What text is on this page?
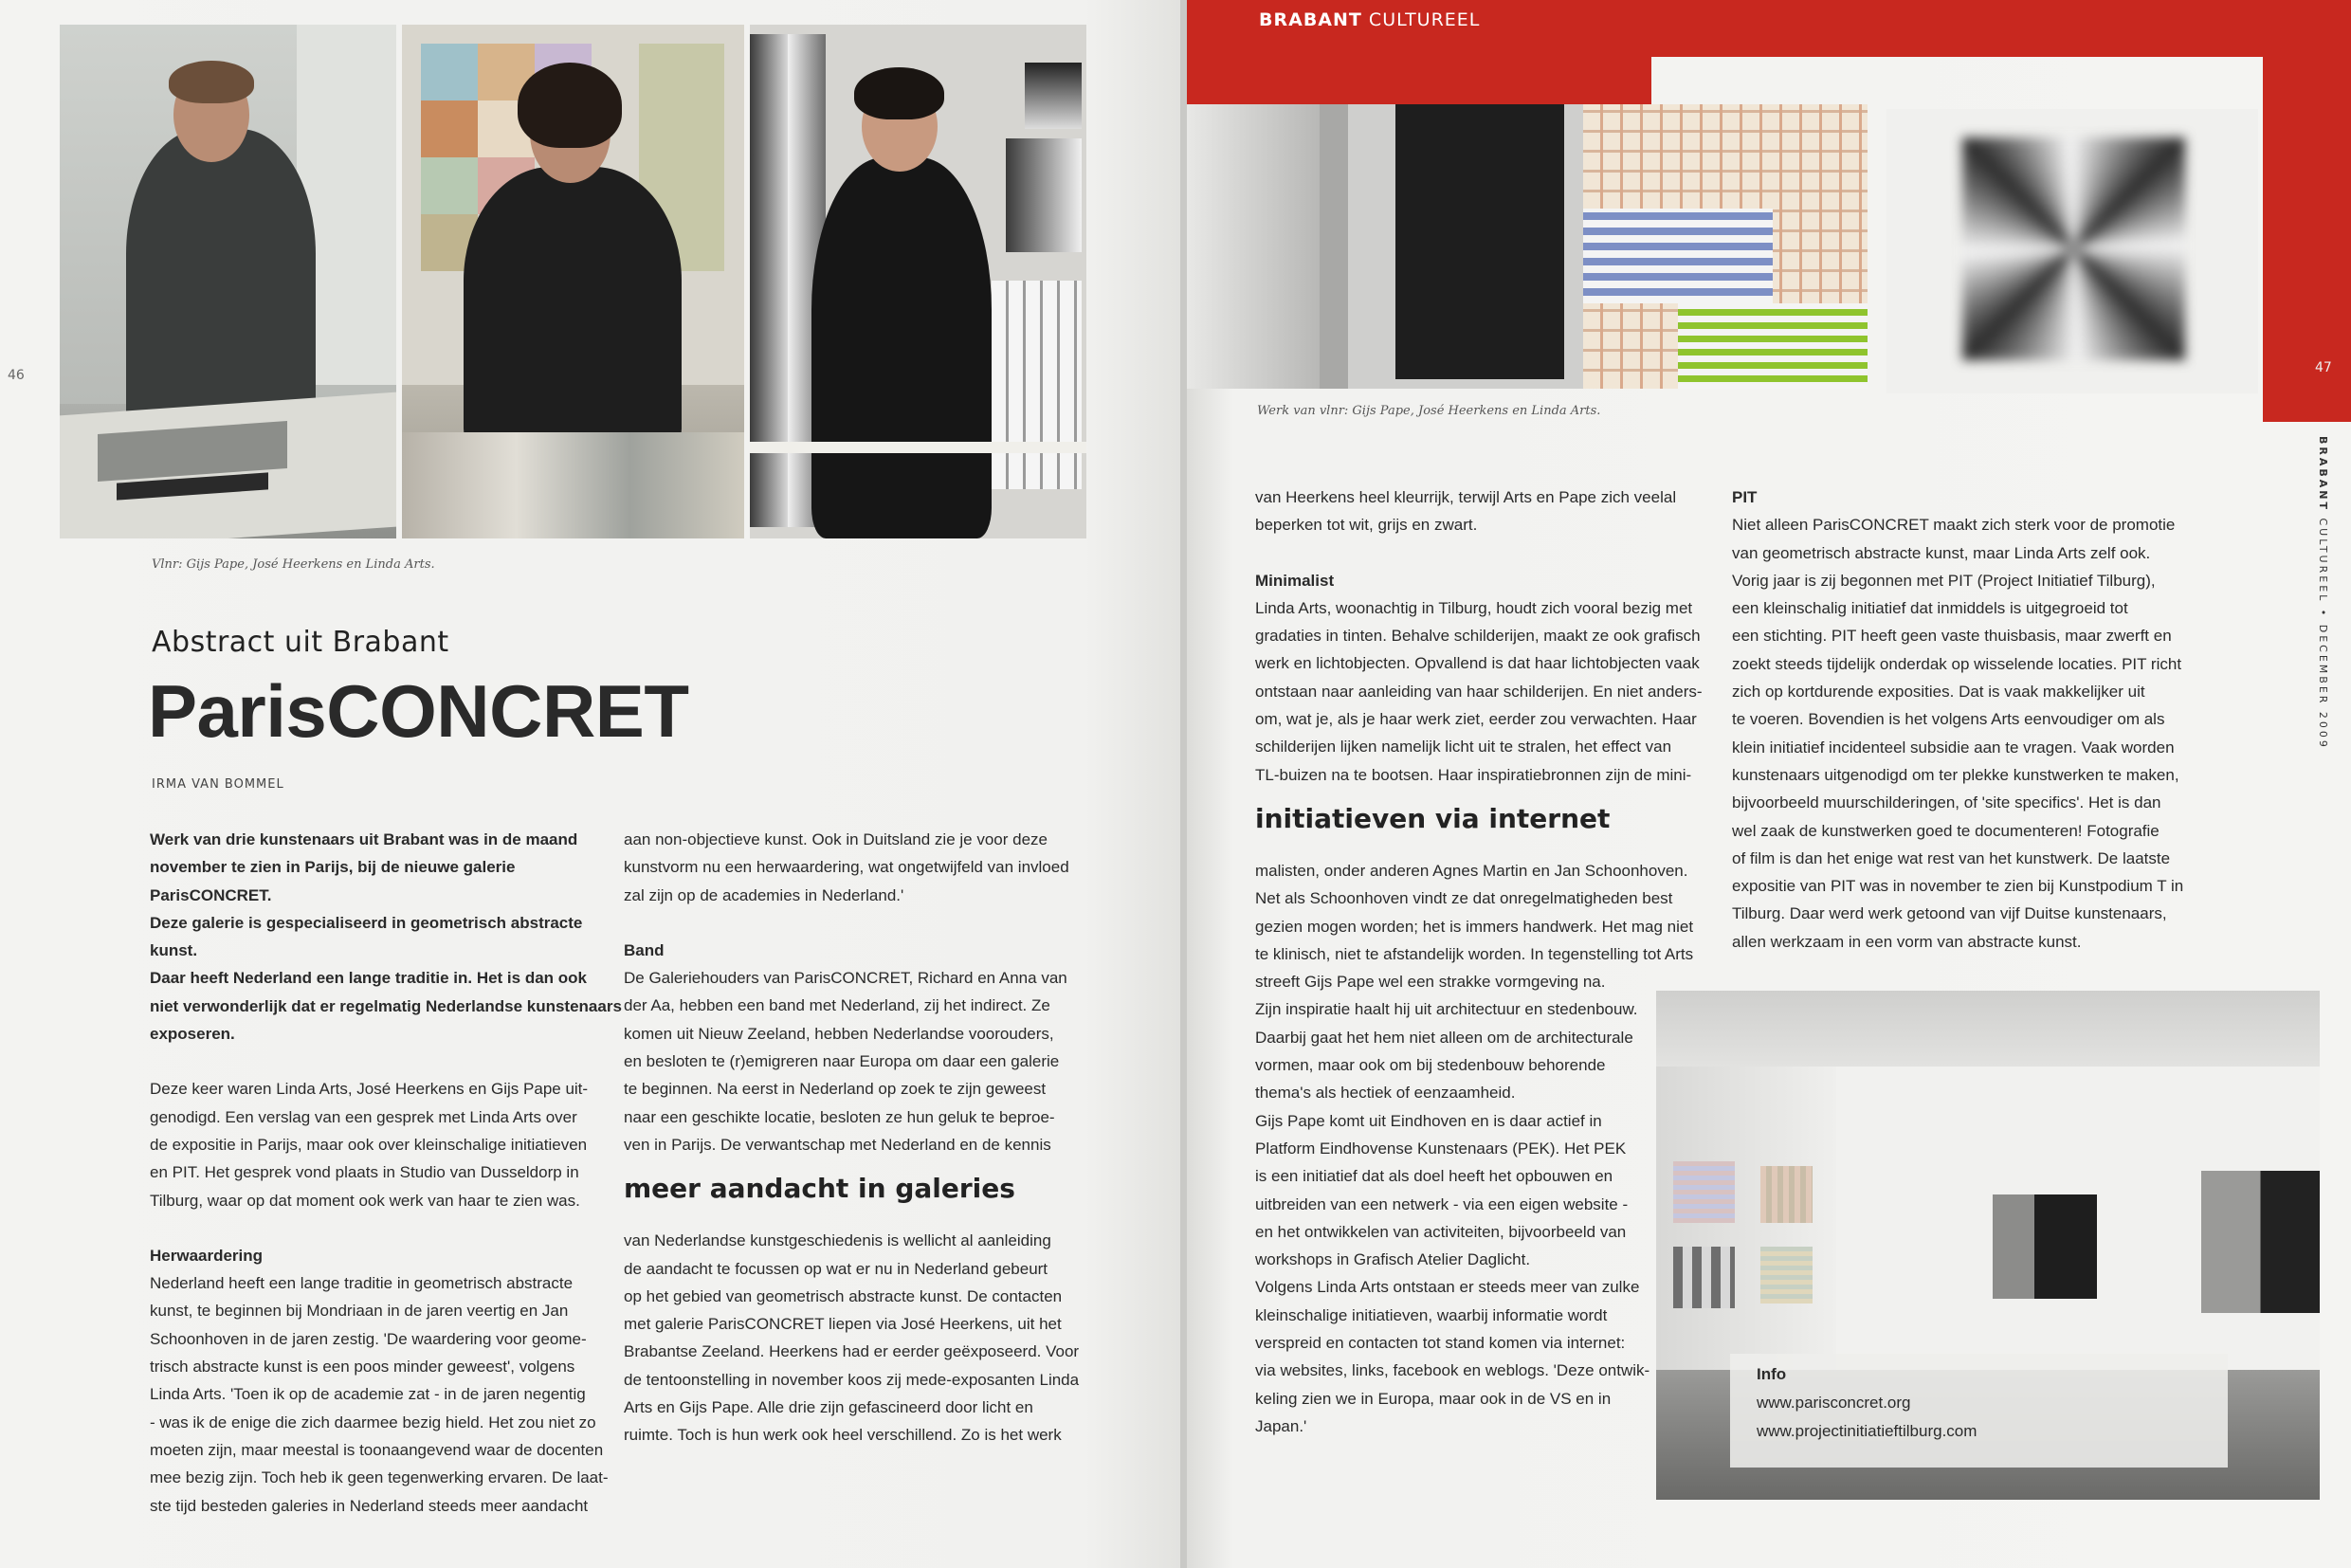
Vlnr: Gijs Pape, José Heerkens en Linda Arts.
46
Abstract uit Brabant
ParisCONCRET
IRMA VAN BOMMEL

Werk van drie kunstenaars uit Brabant was in de maand

november te zien in Parijs, bij de nieuwe galerie ParisCONCRET.

Deze galerie is gespecialiseerd in geometrisch abstracte kunst.

Daar heeft Nederland een lange traditie in. Het is dan ook

niet verwonderlijk dat er regelmatig Nederlandse kunstenaars

exposeren.

Deze keer waren Linda Arts, José Heerkens en Gijs Pape uit-

genodigd. Een verslag van een gesprek met Linda Arts over

de expositie in Parijs, maar ook over kleinschalige initiatieven

en PIT. Het gesprek vond plaats in Studio van Dusseldorp in

Tilburg, waar op dat moment ook werk van haar te zien was.

Herwaardering

Nederland heeft een lange traditie in geometrisch abstracte

kunst, te beginnen bij Mondriaan in de jaren veertig en Jan

Schoonhoven in de jaren zestig. 'De waardering voor geome-

trisch abstracte kunst is een poos minder geweest', volgens

Linda Arts. 'Toen ik op de academie zat - in de jaren negentig

- was ik de enige die zich daarmee bezig hield. Het zou niet zo

moeten zijn, maar meestal is toonaangevend waar de docenten

mee bezig zijn. Toch heb ik geen tegenwerking ervaren. De laat-

ste tijd besteden galeries in Nederland steeds meer aandacht

aan non-objectieve kunst. Ook in Duitsland zie je voor deze

kunstvorm nu een herwaardering, wat ongetwijfeld van invloed

zal zijn op de academies in Nederland.'

Band

De Galeriehouders van ParisCONCRET, Richard en Anna van

der Aa, hebben een band met Nederland, zij het indirect. Ze

komen uit Nieuw Zeeland, hebben Nederlandse voorouders,

en besloten te (r)emigreren naar Europa om daar een galerie

te beginnen. Na eerst in Nederland op zoek te zijn geweest

naar een geschikte locatie, besloten ze hun geluk te beproe-

ven in Parijs. De verwantschap met Nederland en de kennis

meer aandacht in galeries

van Nederlandse kunstgeschiedenis is wellicht al aanleiding

de aandacht te focussen op wat er nu in Nederland gebeurt

op het gebied van geometrisch abstracte kunst. De contacten

met galerie ParisCONCRET liepen via José Heerkens, uit het

Brabantse Zeeland. Heerkens had er eerder geëxposeerd. Voor

de tentoonstelling in november koos zij mede-exposanten Linda

Arts en Gijs Pape. Alle drie zijn gefascineerd door licht en

ruimte. Toch is hun werk ook heel verschillend. Zo is het werk

BRABANT CULTUREEL
Werk van vlnr: Gijs Pape, José Heerkens en Linda Arts.
47
BRABANT CULTUREEL • DECEMBER 2009

van Heerkens heel kleurrijk, terwijl Arts en Pape zich veelal

beperken tot wit, grijs en zwart.

Minimalist

Linda Arts, woonachtig in Tilburg, houdt zich vooral bezig met

gradaties in tinten. Behalve schilderijen, maakt ze ook grafisch

werk en lichtobjecten. Opvallend is dat haar lichtobjecten vaak

ontstaan naar aanleiding van haar schilderijen. En niet anders-

om, wat je, als je haar werk ziet, eerder zou verwachten. Haar

schilderijen lijken namelijk licht uit te stralen, het effect van

TL-buizen na te bootsen. Haar inspiratiebronnen zijn de mini-

initiatieven via internet

malisten, onder anderen Agnes Martin en Jan Schoonhoven.

Net als Schoonhoven vindt ze dat onregelmatigheden best

gezien mogen worden; het is immers handwerk. Het mag niet

te klinisch, niet te afstandelijk worden. In tegenstelling tot Arts

streeft Gijs Pape wel een strakke vormgeving na.

Zijn inspiratie haalt hij uit architectuur en stedenbouw.

Daarbij gaat het hem niet alleen om de architecturale

vormen, maar ook om bij stedenbouw behorende

thema's als hectiek of eenzaamheid.

Gijs Pape komt uit Eindhoven en is daar actief in

Platform Eindhovense Kunstenaars (PEK). Het PEK

is een initiatief dat als doel heeft het opbouwen en

uitbreiden van een netwerk - via een eigen website -

en het ontwikkelen van activiteiten, bijvoorbeeld van

workshops in Grafisch Atelier Daglicht.

Volgens Linda Arts ontstaan er steeds meer van zulke

kleinschalige initiatieven, waarbij informatie wordt

verspreid en contacten tot stand komen via internet:

via websites, links, facebook en weblogs. 'Deze ontwik-

keling zien we in Europa, maar ook in de VS en in

Japan.'

PIT

Niet alleen ParisCONCRET maakt zich sterk voor de promotie

van geometrisch abstracte kunst, maar Linda Arts zelf ook.

Vorig jaar is zij begonnen met PIT (Project Initiatief Tilburg),

een kleinschalig initiatief dat inmiddels is uitgegroeid tot

een stichting. PIT heeft geen vaste thuisbasis, maar zwerft en

zoekt steeds tijdelijk onderdak op wisselende locaties. PIT richt

zich op kortdurende exposities. Dat is vaak makkelijker uit

te voeren. Bovendien is het volgens Arts eenvoudiger om als

klein initiatief incidenteel subsidie aan te vragen. Vaak worden

kunstenaars uitgenodigd om ter plekke kunstwerken te maken,

bijvoorbeeld muurschilderingen, of 'site specifics'. Het is dan

wel zaak de kunstwerken goed te documenteren! Fotografie

of film is dan het enige wat rest van het kunstwerk. De laatste

expositie van PIT was in november te zien bij Kunstpodium T in

Tilburg. Daar werd werk getoond van vijf Duitse kunstenaars,

allen werkzaam in een vorm van abstracte kunst.

Info
www.parisconcret.org
www.projectinitiatieftilburg.com
